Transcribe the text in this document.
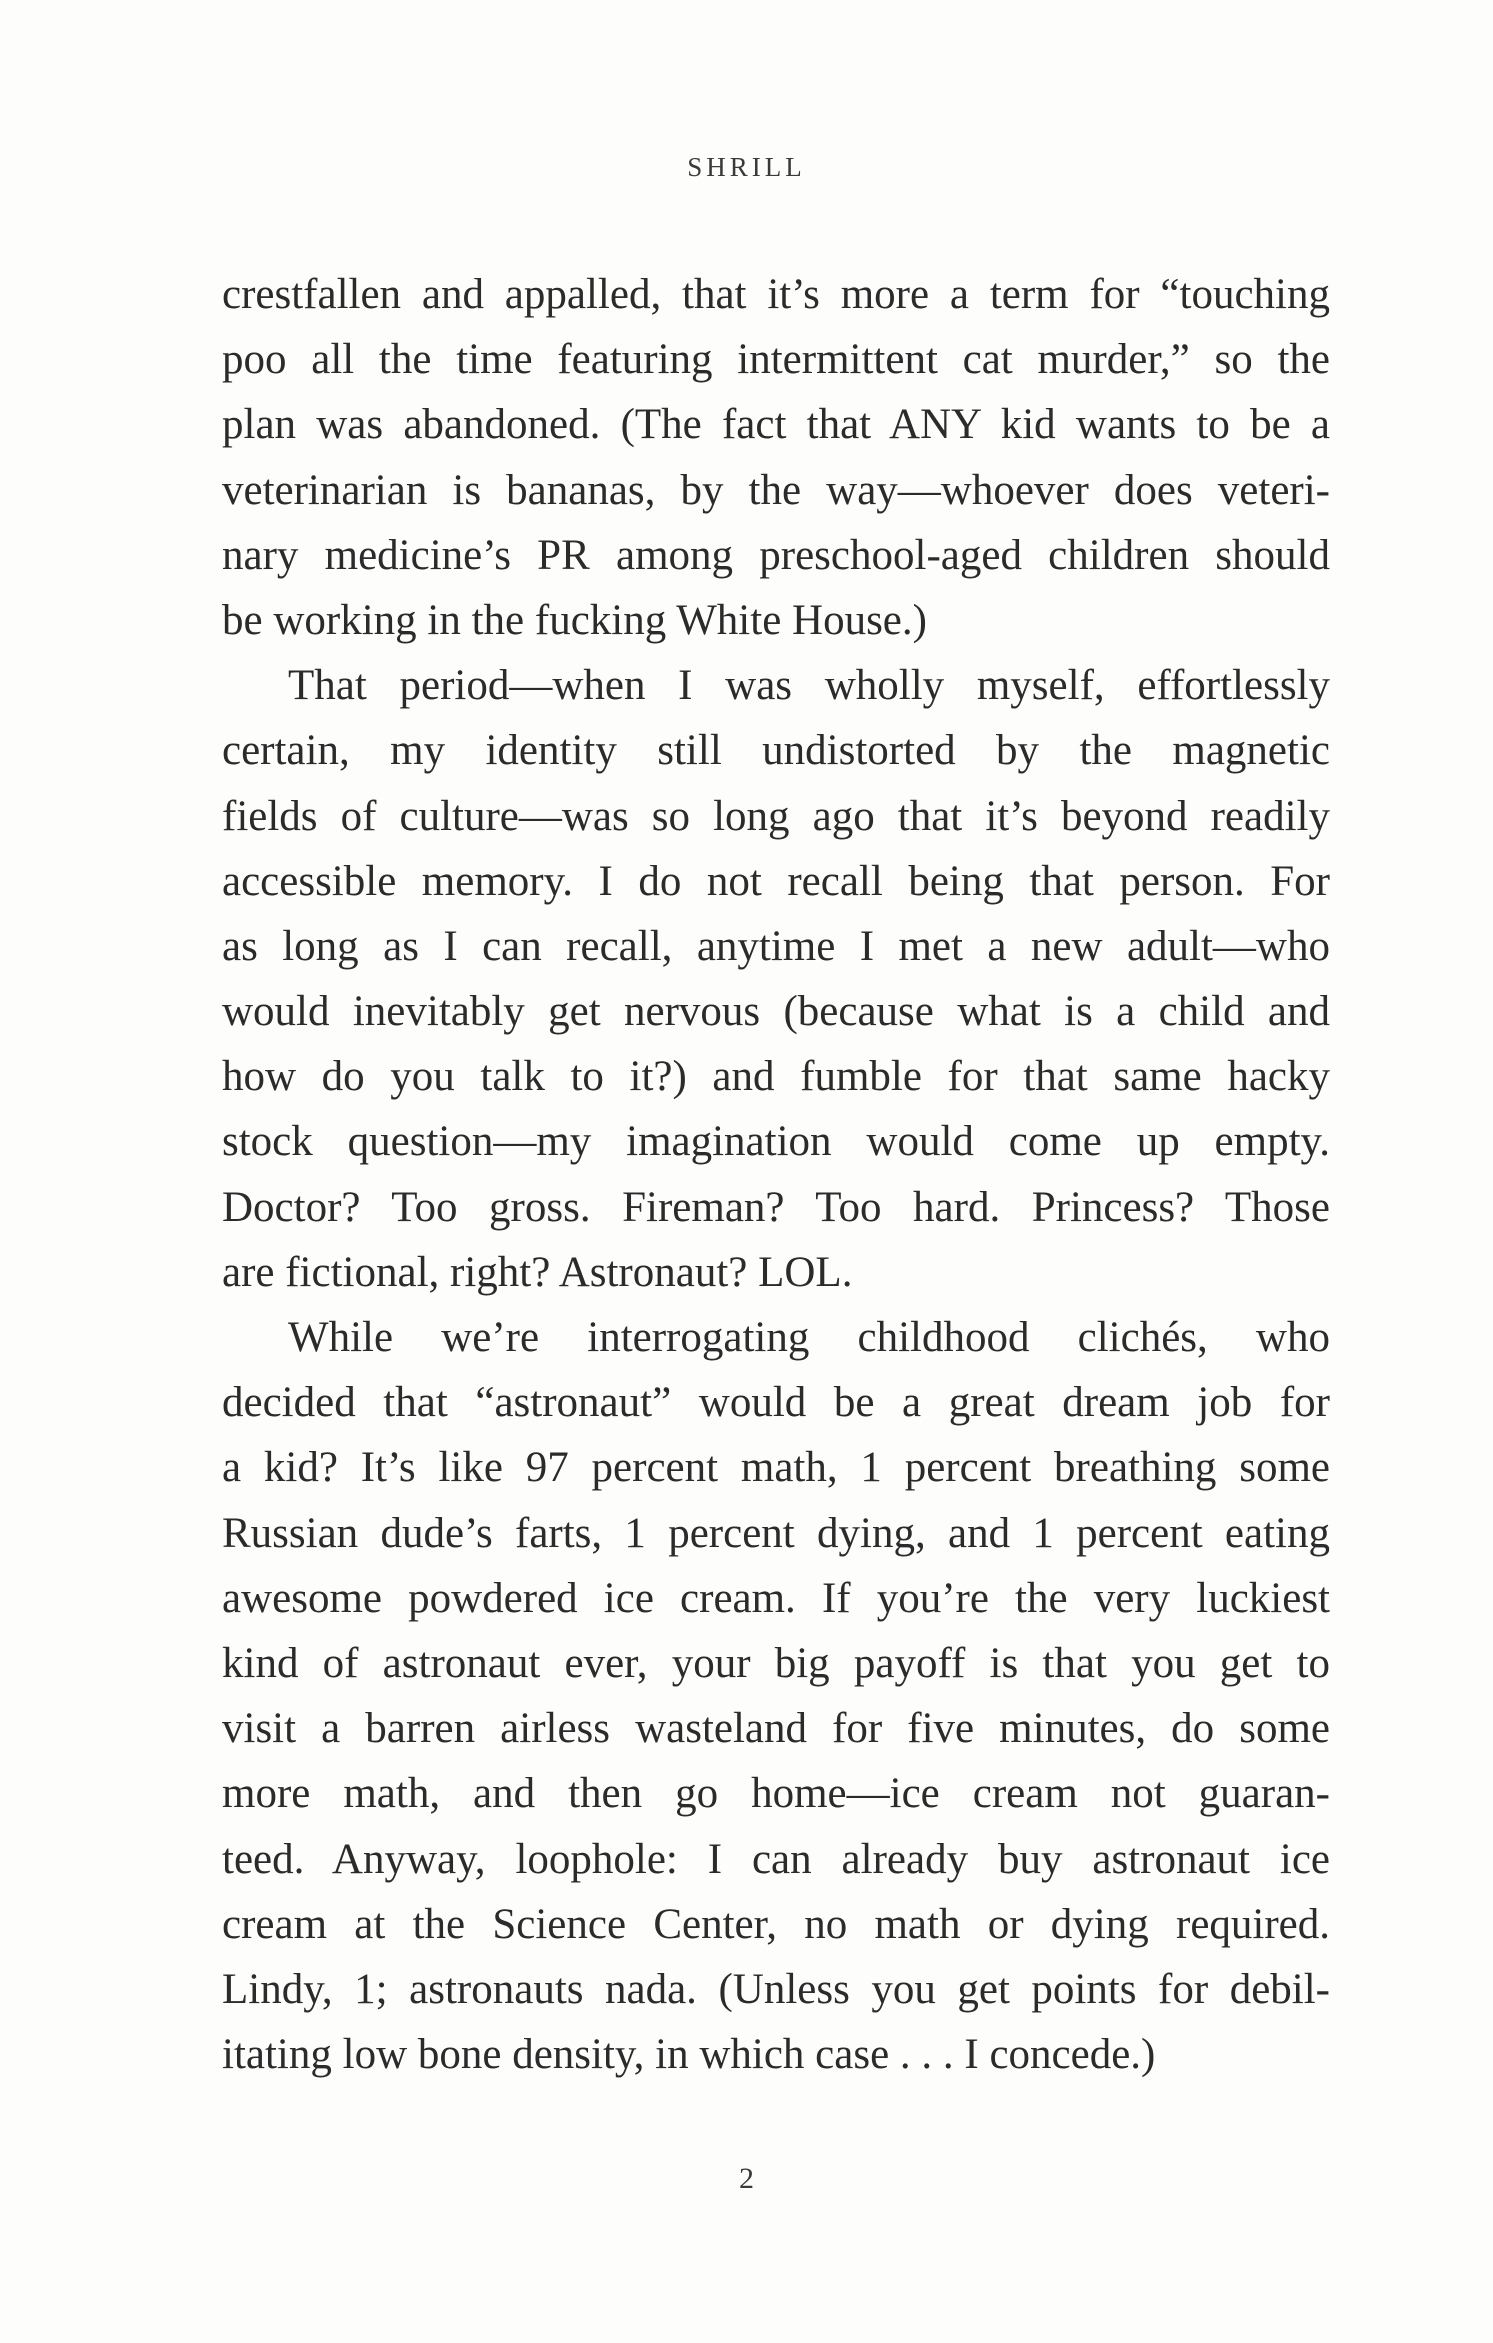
SHRILL
crestfallen and appalled, that it’s more a term for “touching
poo all the time featuring intermittent cat murder,” so the
plan was abandoned. (The fact that ANY kid wants to be a
veterinarian is bananas, by the way—whoever does veteri-
nary medicine’s PR among preschool-aged children should
be working in the fucking White House.)
That period—when I was wholly myself, effortlessly
certain, my identity still undistorted by the magnetic
fields of culture—was so long ago that it’s beyond readily
accessible memory. I do not recall being that person. For
as long as I can recall, anytime I met a new adult—who
would inevitably get nervous (because what is a child and
how do you talk to it?) and fumble for that same hacky
stock question—my imagination would come up empty.
Doctor? Too gross. Fireman? Too hard. Princess? Those
are fictional, right? Astronaut? LOL.
While we’re interrogating childhood clichés, who
decided that “astronaut” would be a great dream job for
a kid? It’s like 97 percent math, 1 percent breathing some
Russian dude’s farts, 1 percent dying, and 1 percent eating
awesome powdered ice cream. If you’re the very luckiest
kind of astronaut ever, your big payoff is that you get to
visit a barren airless wasteland for five minutes, do some
more math, and then go home—ice cream not guaran-
teed. Anyway, loophole: I can already buy astronaut ice
cream at the Science Center, no math or dying required.
Lindy, 1; astronauts nada. (Unless you get points for debil-
itating low bone density, in which case . . . I concede.)
2
